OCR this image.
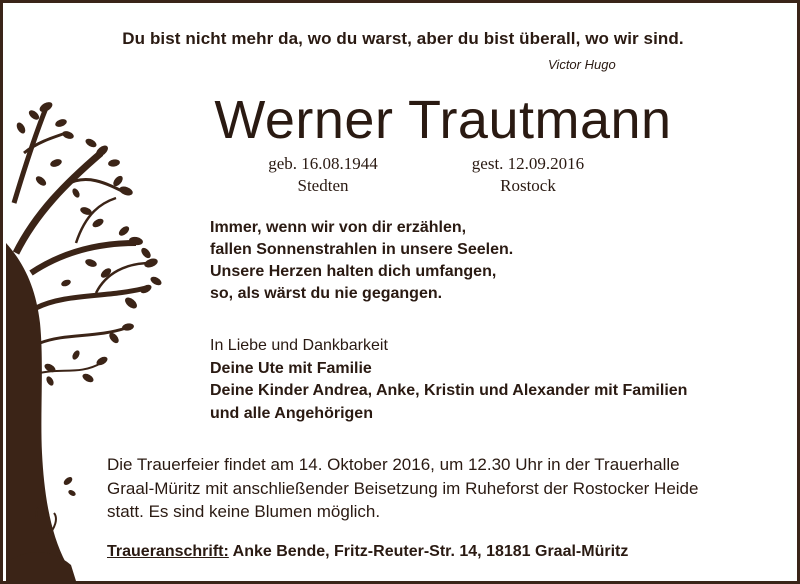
Du bist nicht mehr da, wo du warst, aber du bist überall, wo wir sind.
Victor Hugo
Werner Trautmann
geb. 16.08.1944
Stedten
gest. 12.09.2016
Rostock
Immer, wenn wir von dir erzählen,
fallen Sonnenstrahlen in unsere Seelen.
Unsere Herzen halten dich umfangen,
so, als wärst du nie gegangen.
In Liebe und Dankbarkeit
Deine Ute mit Familie
Deine Kinder Andrea, Anke, Kristin und Alexander mit Familien
und alle Angehörigen
Die Trauerfeier findet am 14. Oktober 2016, um 12.30 Uhr in der Trauerhalle
Graal-Müritz mit anschließender Beisetzung im Ruheforst der Rostocker Heide
statt. Es sind keine Blumen möglich.
Traueranschrift: Anke Bende, Fritz-Reuter-Str. 14, 18181 Graal-Müritz
